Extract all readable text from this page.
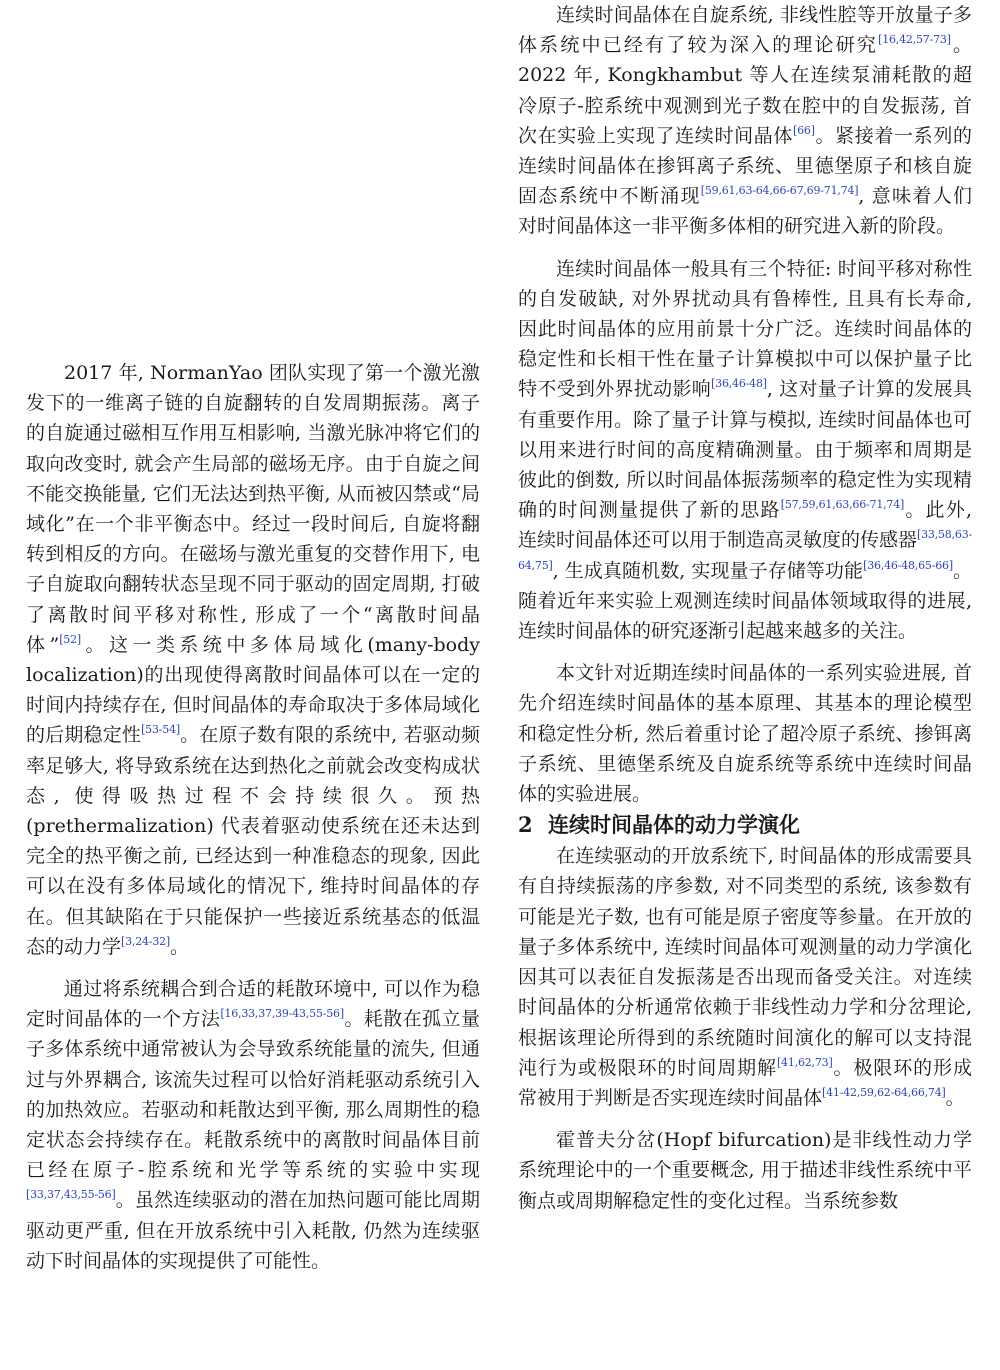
2017 年, NormanYao 团队实现了第一个激光激发下的一维离子链的自旋翻转的自发周期振荡。离子的自旋通过磁相互作用互相影响, 当激光脉冲将它们的取向改变时, 就会产生局部的磁场无序。由于自旋之间不能交换能量, 它们无法达到热平衡, 从而被囚禁或“局域化”在一个非平衡态中。经过一段时间后, 自旋将翻转到相反的方向。在磁场与激光重复的交替作用下, 电子自旋取向翻转状态呈现不同于驱动的固定周期, 打破了离散时间平移对称性, 形成了一个“离散时间晶体”[52]。这一类系统中多体局域化(many-body localization)的出现使得离散时间晶体可以在一定的时间内持续存在, 但时间晶体的寿命取决于多体局域化的后期稳定性[53-54]。在原子数有限的系统中, 若驱动频率足够大, 将导致系统在达到热化之前就会改变构成状态, 使得吸热过程不会持续很久。预热 (prethermalization) 代表着驱动使系统在还未达到完全的热平衡之前, 已经达到一种准稳态的现象, 因此可以在没有多体局域化的情况下, 维持时间晶体的存在。但其缺陷在于只能保护一些接近系统基态的低温态的动力学[3,24-32]。

通过将系统耦合到合适的耗散环境中, 可以作为稳定时间晶体的一个方法[16,33,37,39-43,55-56]。耗散在孤立量子多体系统中通常被认为会导致系统能量的流失, 但通过与外界耦合, 该流失过程可以恰好消耗驱动系统引入的加热效应。若驱动和耗散达到平衡, 那么周期性的稳定状态会持续存在。耗散系统中的离散时间晶体目前已经在原子-腔系统和光学等系统的实验中实现[33,37,43,55-56]。虽然连续驱动的潜在加热问题可能比周期驱动更严重, 但在开放系统中引入耗散, 仍然为连续驱动下时间晶体的实现提供了可能性。

连续时间晶体在自旋系统, 非线性腔等开放量子多体系统中已经有了较为深入的理论研究[16,42,57-73]。2022 年, Kongkhambut 等人在连续泵浦耗散的超冷原子-腔系统中观测到光子数在腔中的自发振荡, 首次在实验上实现了连续时间晶体[66]。紧接着一系列的连续时间晶体在掺铒离子系统、里德堡原子和核自旋固态系统中不断涌现[59,61,63-64,66-67,69-71,74], 意味着人们对时间晶体这一非平衡多体相的研究进入新的阶段。

连续时间晶体一般具有三个特征: 时间平移对称性的自发破缺, 对外界扰动具有鲁棒性, 且具有长寿命, 因此时间晶体的应用前景十分广泛。连续时间晶体的稳定性和长相干性在量子计算模拟中可以保护量子比特不受到外界扰动影响[36,46-48], 这对量子计算的发展具有重要作用。除了量子计算与模拟, 连续时间晶体也可以用来进行时间的高度精确测量。由于频率和周期是彼此的倒数, 所以时间晶体振荡频率的稳定性为实现精确的时间测量提供了新的思路[57,59,61,63,66-71,74]。此外, 连续时间晶体还可以用于制造高灵敏度的传感器[33,58,63-64,75], 生成真随机数, 实现量子存储等功能[36,46-48,65-66]。随着近年来实验上观测连续时间晶体领域取得的进展, 连续时间晶体的研究逐渐引起越来越多的关注。

本文针对近期连续时间晶体的一系列实验进展, 首先介绍连续时间晶体的基本原理、其基本的理论模型和稳定性分析, 然后着重讨论了超冷原子系统、掺铒离子系统、里德堡系统及自旋系统等系统中连续时间晶体的实验进展。

2 连续时间晶体的动力学演化

在连续驱动的开放系统下, 时间晶体的形成需要具有自持续振荡的序参数, 对不同类型的系统, 该参数有可能是光子数, 也有可能是原子密度等参量。在开放的量子多体系统中, 连续时间晶体可观测量的动力学演化因其可以表征自发振荡是否出现而备受关注。对连续时间晶体的分析通常依赖于非线性动力学和分岔理论, 根据该理论所得到的系统随时间演化的解可以支持混沌行为或极限环的时间周期解[41,62,73]。极限环的形成常被用于判断是否实现连续时间晶体[41-42,59,62-64,66,74]。

霍普夫分岔(Hopf bifurcation)是非线性动力学系统理论中的一个重要概念, 用于描述非线性系统中平衡点或周期解稳定性的变化过程。当系统参数
